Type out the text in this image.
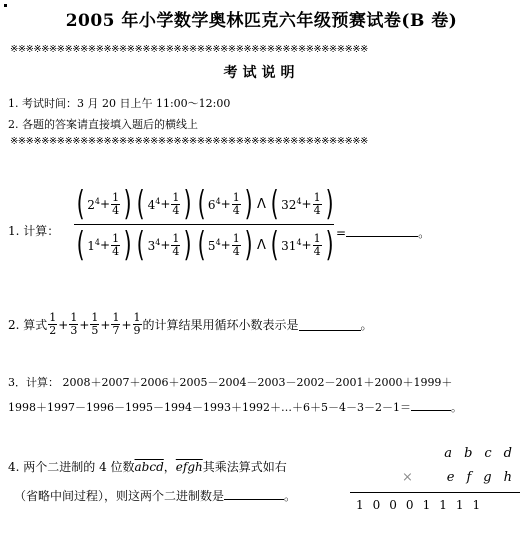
2005 年小学数学奥林匹克六年级预赛试卷(B 卷)
※※※※※※※※※※※※※※※※※※※※※※※※※※※※※※※※※※※※※※※※※※※※※※
考试说明
1. 考试时间：3 月 20 日上午 11:00～12:00
2. 各题的答案请直接填入题后的横线上
※※※※※※※※※※※※※※※※※※※※※※※※※※※※※※※※※※※※※※※※※※※※※※
1. 计算：
( $2^4 + \frac{1}{4}$ ) ( $4^4 + \frac{1}{4}$ ) ( $6^4 + \frac{1}{4}$ ) Λ ( $32^4 + \frac{1}{4}$ )
( $1^4 + \frac{1}{4}$ ) ( $3^4 + \frac{1}{4}$ ) ( $5^4 + \frac{1}{4}$ ) Λ ( $31^4 + \frac{1}{4}$ ) =	。
2. 算式 $\frac{1}{2} + \frac{1}{3} + \frac{1}{5} + \frac{1}{7} + \frac{1}{9}$ 的计算结果用循环小数表示是	。
3．计算： 2008＋2007＋2006＋2005－2004－2003－2002－2001＋2000＋1999＋
1998＋1997－1996－1995－1994－1993＋1992＋…＋6＋5－4－3－2－1＝	。
4. 两个二进制的 4 位数abcd，efgh其乘法算式如右
（省略中间过程），则这两个二进制数是	。
a b c d
×	e f g h
1 0 0 0 1 1 1 1
